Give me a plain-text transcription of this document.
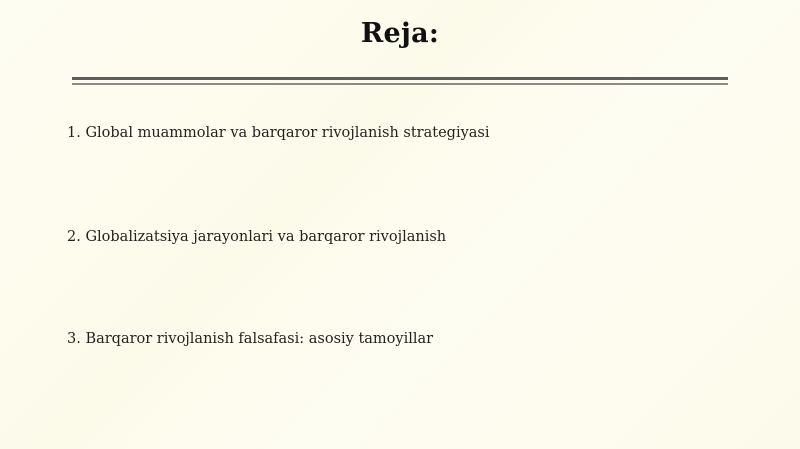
Reja:
1. Global muammolar va barqaror rivojlanish strategiyasi
2. Globalizatsiya jarayonlari va barqaror rivojlanish
3. Barqaror rivojlanish falsafasi: asosiy tamoyillar
